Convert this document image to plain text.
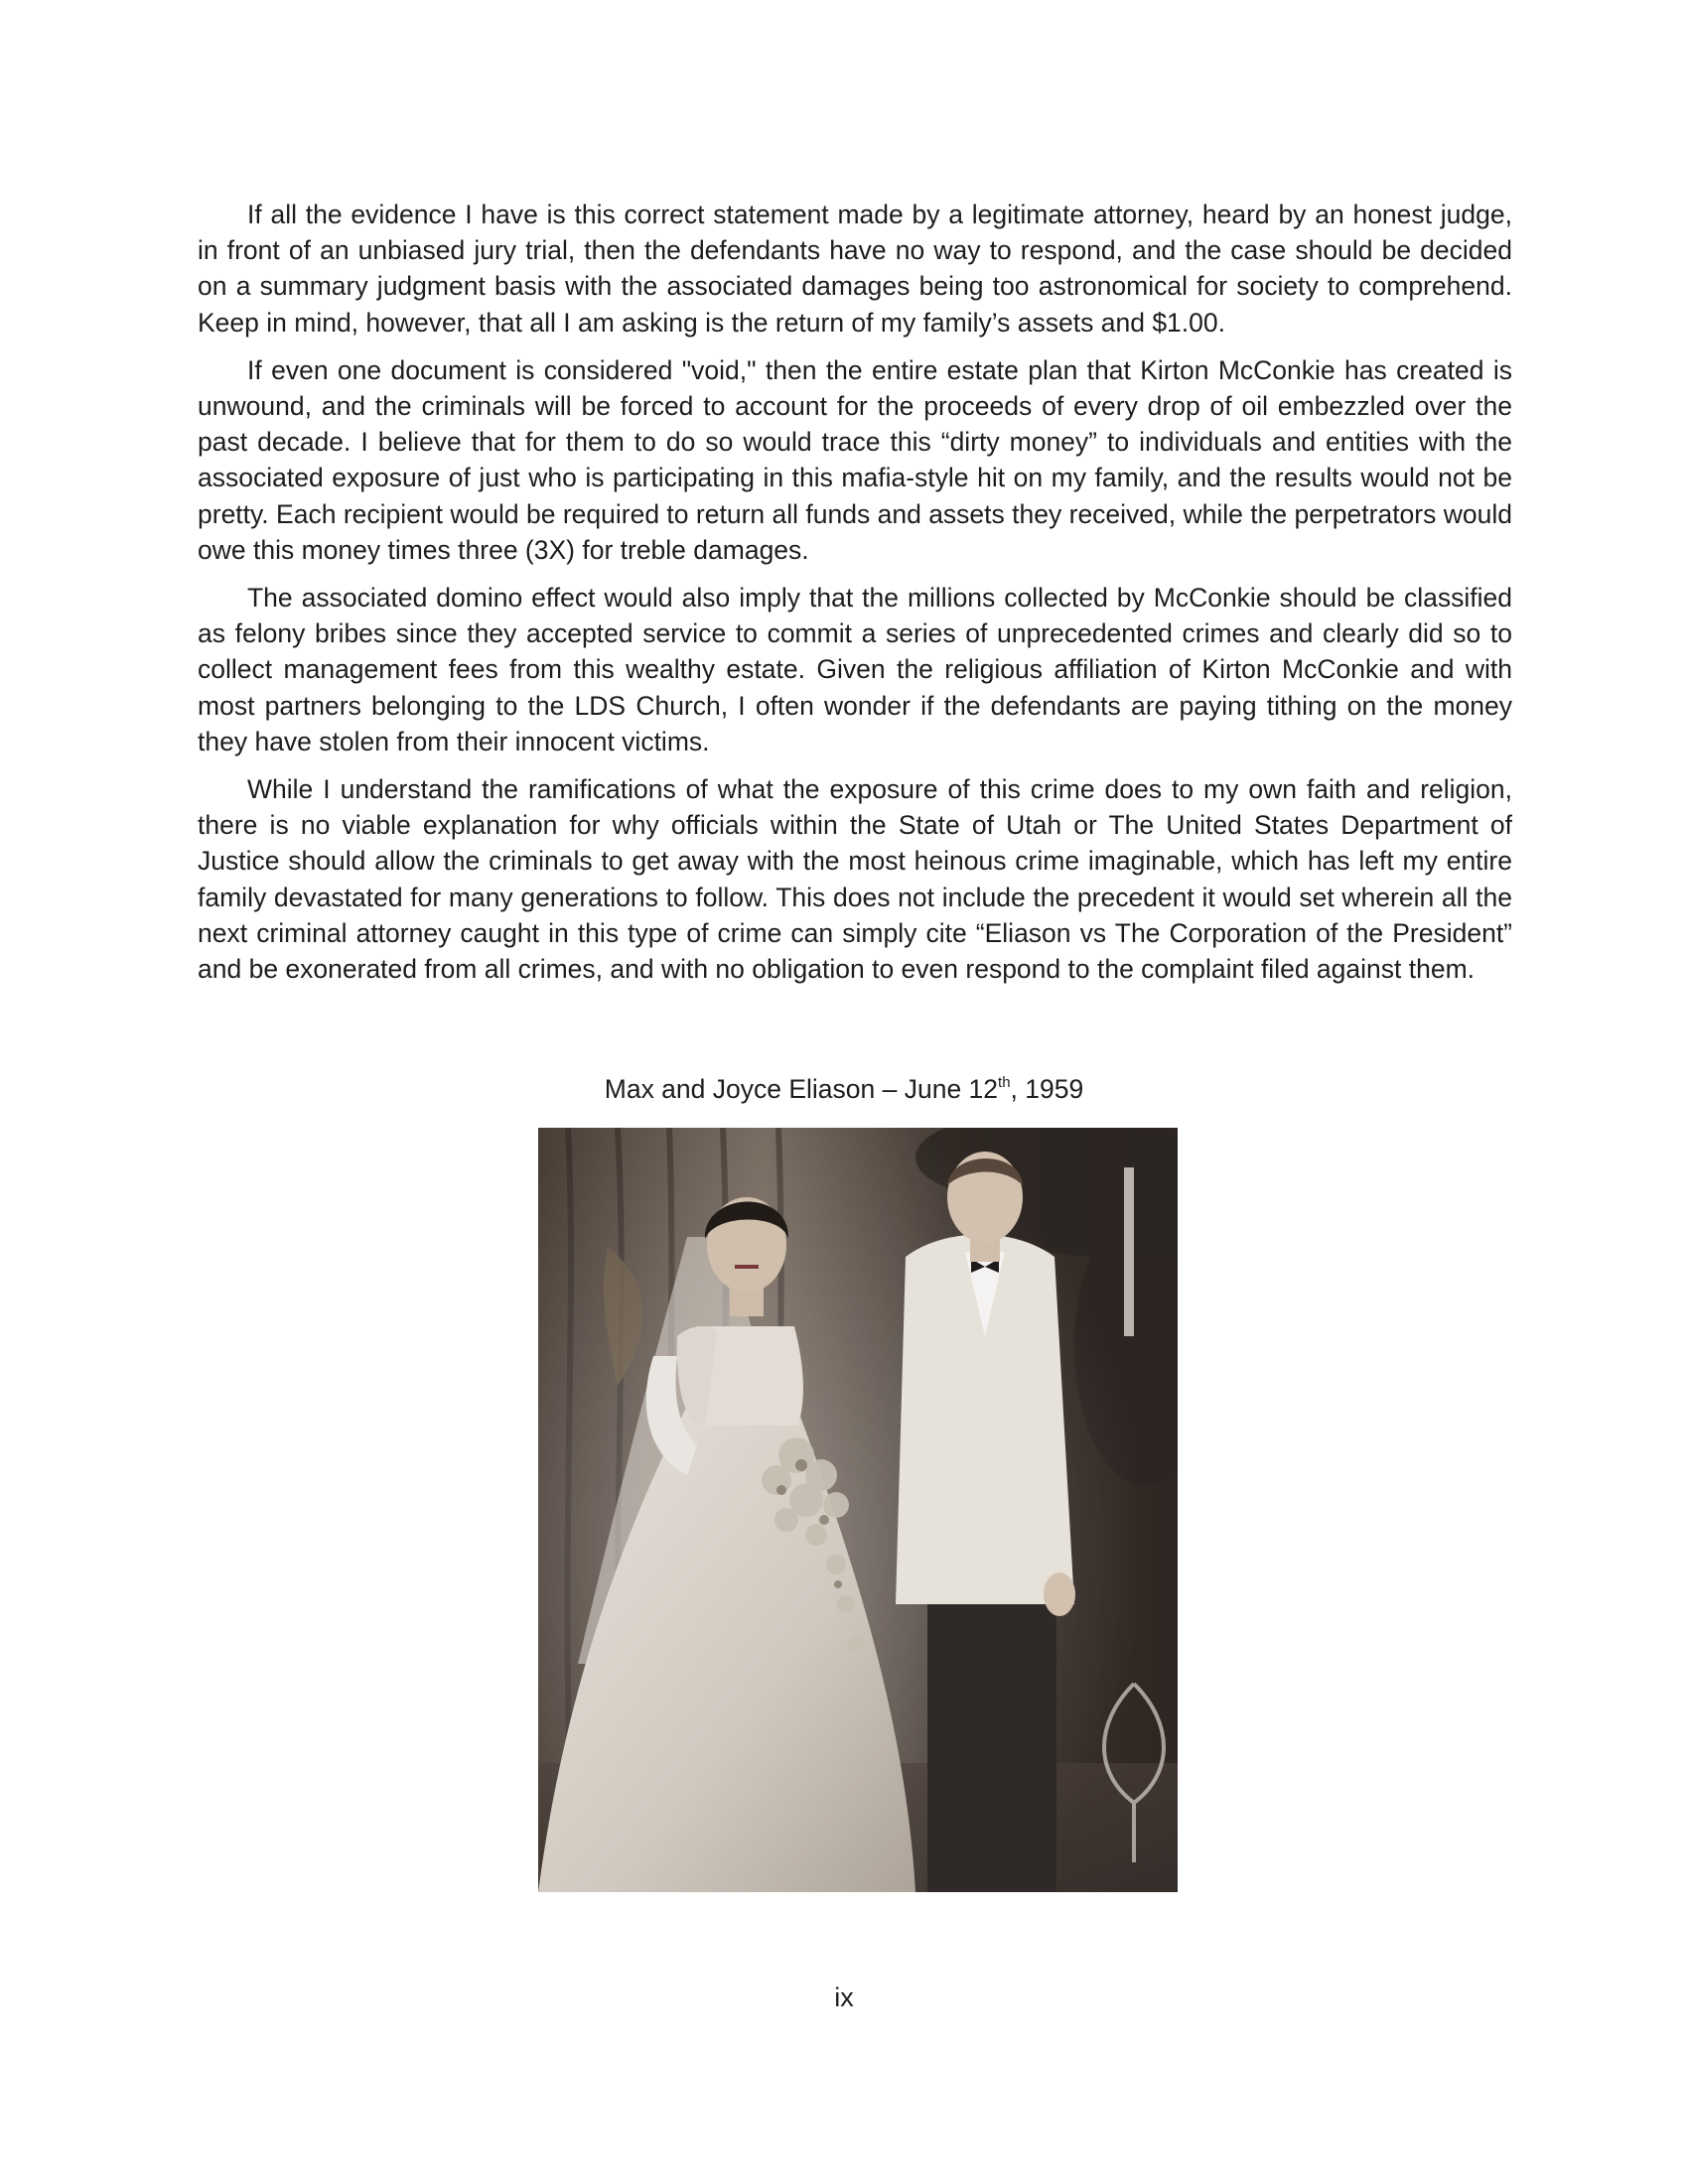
If all the evidence I have is this correct statement made by a legitimate attorney, heard by an honest judge, in front of an unbiased jury trial, then the defendants have no way to respond, and the case should be decided on a summary judgment basis with the associated damages being too astronomical for society to comprehend. Keep in mind, however, that all I am asking is the return of my family’s assets and $1.00.

If even one document is considered "void," then the entire estate plan that Kirton McConkie has created is unwound, and the criminals will be forced to account for the proceeds of every drop of oil embezzled over the past decade. I believe that for them to do so would trace this “dirty money” to individuals and entities with the associated exposure of just who is participating in this mafia-style hit on my family, and the results would not be pretty. Each recipient would be required to return all funds and assets they received, while the perpetrators would owe this money times three (3X) for treble damages.

The associated domino effect would also imply that the millions collected by McConkie should be classified as felony bribes since they accepted service to commit a series of unprecedented crimes and clearly did so to collect management fees from this wealthy estate. Given the religious affiliation of Kirton McConkie and with most partners belonging to the LDS Church, I often wonder if the defendants are paying tithing on the money they have stolen from their innocent victims.

While I understand the ramifications of what the exposure of this crime does to my own faith and religion, there is no viable explanation for why officials within the State of Utah or The United States Department of Justice should allow the criminals to get away with the most heinous crime imaginable, which has left my entire family devastated for many generations to follow. This does not include the precedent it would set wherein all the next criminal attorney caught in this type of crime can simply cite “Eliason vs The Corporation of the President” and be exonerated from all crimes, and with no obligation to even respond to the complaint filed against them.

Max and Joyce Eliason – June 12th, 1959
ix
